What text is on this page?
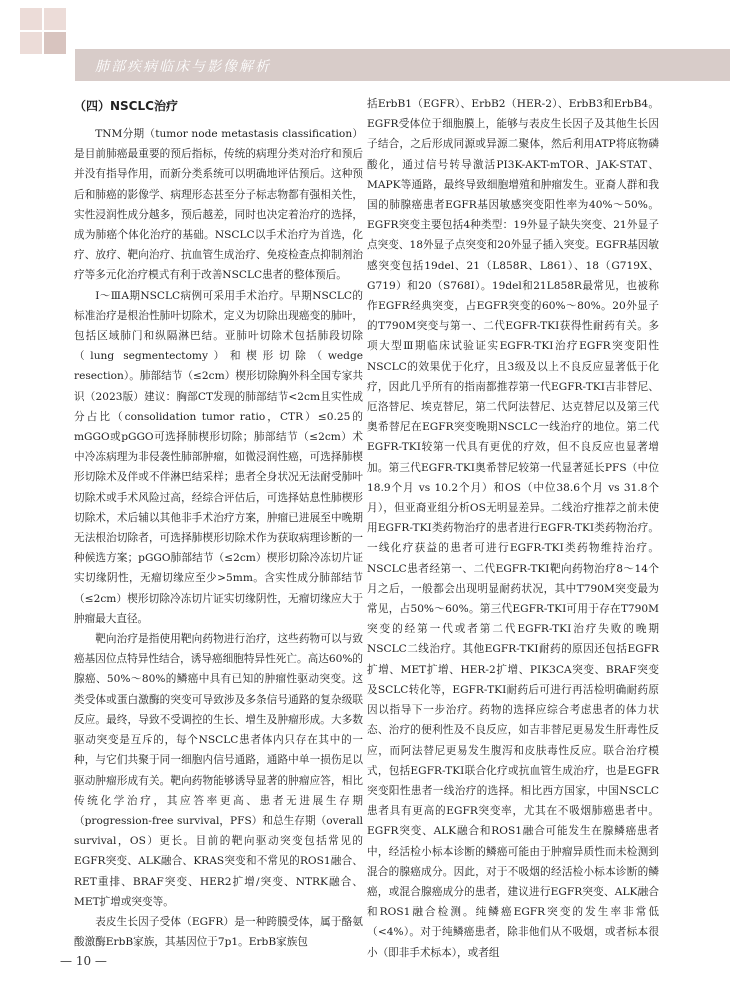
肺部疾病临床与影像解析
（四）NSCLC治疗

TNM分期（tumor node metastasis classification）是目前肺癌最重要的预后指标，传统的病理分类对治疗和预后并没有指导作用，而新分类系统可以明确地评估预后。这种预后和肺癌的影像学、病理形态甚至分子标志物都有强相关性，实性浸润性成分越多，预后越差，同时也决定着治疗的选择，成为肺癌个体化治疗的基础。NSCLC以手术治疗为首选，化疗、放疗、靶向治疗、抗血管生成治疗、免疫检查点抑制剂治疗等多元化治疗模式有利于改善NSCLC患者的整体预后。

Ⅰ～ⅢA期NSCLC病例可采用手术治疗。早期NSCLC的标准治疗是根治性肺叶切除术，定义为切除出现癌变的肺叶，包括区域肺门和纵隔淋巴结。亚肺叶切除术包括肺段切除（lung segmentectomy）和楔形切除（wedge resection）。肺部结节（≤2cm）楔形切除胸外科全国专家共识（2023版）建议：胸部CT发现的肺部结节<2cm且实性成分占比（consolidation tumor ratio，CTR）≤0.25的mGGO或pGGO可选择肺楔形切除；肺部结节（≤2cm）术中冷冻病理为非侵袭性肺部肿瘤，如微浸润性癌，可选择肺楔形切除术及伴或不伴淋巴结采样；患者全身状况无法耐受肺叶切除术或手术风险过高，经综合评估后，可选择姑息性肺楔形切除术，术后辅以其他非手术治疗方案，肿瘤已进展至中晚期无法根治切除者，可选择肺楔形切除术作为获取病理诊断的一种候选方案；pGGO肺部结节（≤2cm）楔形切除冷冻切片证实切缘阴性，无瘤切缘应至少>5mm。含实性成分肺部结节（≤2cm）楔形切除冷冻切片证实切缘阴性，无瘤切缘应大于肿瘤最大直径。

靶向治疗是指使用靶向药物进行治疗，这些药物可以与致癌基因位点特异性结合，诱导癌细胞特异性死亡。高达60%的腺癌、50%～80%的鳞癌中具有已知的肿瘤性驱动突变。这类受体或蛋白激酶的突变可导致涉及多条信号通路的复杂级联反应。最终，导致不受调控的生长、增生及肿瘤形成。大多数驱动突变是互斥的，每个NSCLC患者体内只存在其中的一种，与它们共聚于同一细胞内信号通路，通路中单一损伤足以驱动肿瘤形成有关。靶向药物能够诱导显著的肿瘤应答，相比传统化学治疗，其应答率更高、患者无进展生存期（progression-free survival，PFS）和总生存期（overall survival，OS）更长。目前的靶向驱动突变包括常见的EGFR突变、ALK融合、KRAS突变和不常见的ROS1融合、RET重排、BRAF突变、HER2扩增/突变、NTRK融合、MET扩增或突变等。

表皮生长因子受体（EGFR）是一种跨膜受体，属于酪氨酸激酶ErbB家族，其基因位于7p1。ErbB家族包

括ErbB1（EGFR）、ErbB2（HER-2）、ErbB3和ErbB4。EGFR受体位于细胞膜上，能够与表皮生长因子及其他生长因子结合，之后形成同源或异源二聚体，然后利用ATP将底物磷酸化，通过信号转导激活PI3K-AKT-mTOR、JAK-STAT、MAPK等通路，最终导致细胞增殖和肿瘤发生。亚裔人群和我国的肺腺癌患者EGFR基因敏感突变阳性率为40%～50%。EGFR突变主要包括4种类型：19外显子缺失突变、21外显子点突变、18外显子点突变和20外显子插入突变。EGFR基因敏感突变包括19del、21（L858R、L861）、18（G719X、G719）和20（S768I）。19del和21L858R最常见，也被称作EGFR经典突变，占EGFR突变的60%～80%。20外显子的T790M突变与第一、二代EGFR-TKI获得性耐药有关。多项大型Ⅲ期临床试验证实EGFR-TKI治疗EGFR突变阳性NSCLC的效果优于化疗，且3级及以上不良反应显著低于化疗，因此几乎所有的指南都推荐第一代EGFR-TKI吉非替尼、厄洛替尼、埃克替尼，第二代阿法替尼、达克替尼以及第三代奥希替尼在EGFR突变晚期NSCLC一线治疗的地位。第二代EGFR-TKI较第一代具有更优的疗效，但不良反应也显著增加。第三代EGFR-TKI奥希替尼较第一代显著延长PFS（中位18.9个月 vs 10.2个月）和OS（中位38.6个月 vs 31.8个月），但亚裔亚组分析OS无明显差异。二线治疗推荐之前未使用EGFR-TKI类药物治疗的患者进行EGFR-TKI类药物治疗。一线化疗获益的患者可进行EGFR-TKI类药物维持治疗。NSCLC患者经第一、二代EGFR-TKI靶向药物治疗8～14个月之后，一般都会出现明显耐药状况，其中T790M突变最为常见，占50%～60%。第三代EGFR-TKI可用于存在T790M突变的经第一代或者第二代EGFR-TKI治疗失败的晚期NSCLC二线治疗。其他EGFR-TKI耐药的原因还包括EGFR扩增、MET扩增、HER-2扩增、PIK3CA突变、BRAF突变及SCLC转化等，EGFR-TKI耐药后可进行再活检明确耐药原因以指导下一步治疗。药物的选择应综合考虑患者的体力状态、治疗的便利性及不良反应，如吉非替尼更易发生肝毒性反应，而阿法替尼更易发生腹泻和皮肤毒性反应。联合治疗模式，包括EGFR-TKI联合化疗或抗血管生成治疗，也是EGFR突变阳性患者一线治疗的选择。相比西方国家，中国NSCLC患者具有更高的EGFR突变率，尤其在不吸烟肺癌患者中。EGFR突变、ALK融合和ROS1融合可能发生在腺鳞癌患者中，经活检小标本诊断的鳞癌可能由于肿瘤异质性而未检测到混合的腺癌成分。因此，对于不吸烟的经活检小标本诊断的鳞癌，或混合腺癌成分的患者，建议进行EGFR突变、ALK融合和ROS1融合检测。纯鳞癌EGFR突变的发生率非常低（<4%）。对于纯鳞癌患者，除非他们从不吸烟，或者标本很小（即非手术标本），或者组

— 10 —
